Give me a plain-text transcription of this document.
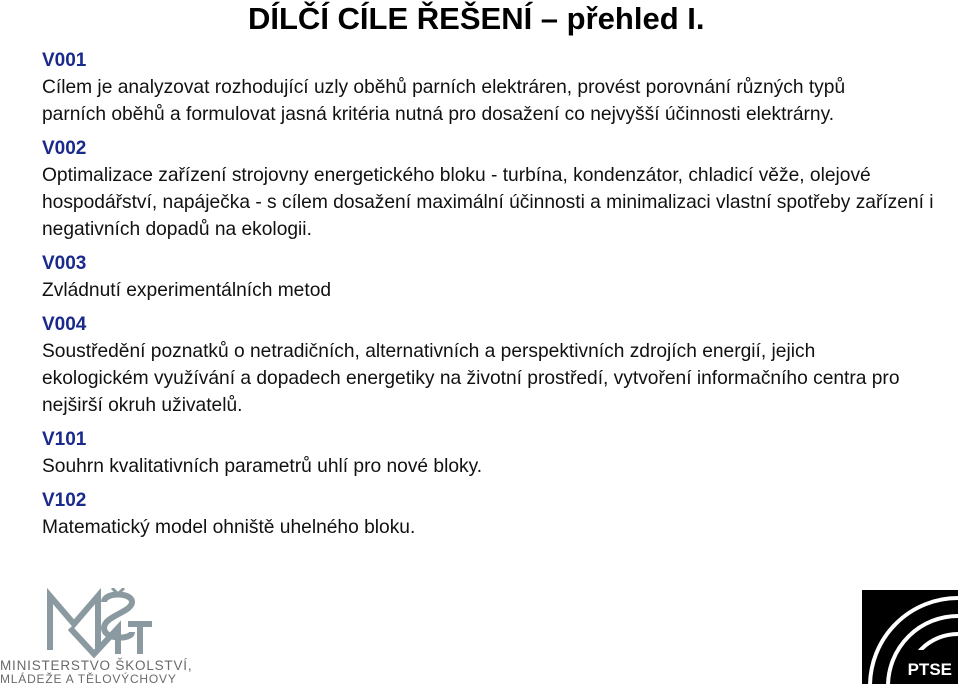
DÍLČÍ CÍLE ŘEŠENÍ – přehled I.
V001
Cílem je analyzovat rozhodující uzly oběhů parních elektráren, provést porovnání různých typů parních oběhů a formulovat jasná kritéria nutná pro dosažení co nejvyšší účinnosti elektrárny.
V002
Optimalizace zařízení strojovny energetického bloku - turbína, kondenzátor, chladicí věže, olejové hospodářství, napáječka - s cílem dosažení maximální účinnosti a minimalizaci vlastní spotřeby zařízení i negativních dopadů na ekologii.
V003
Zvládnutí experimentálních metod
V004
Soustředění poznatků o netradičních, alternativních a perspektivních zdrojích energií, jejich ekologickém využívání a dopadech energetiky na životní prostředí, vytvoření informačního centra pro nejširší okruh uživatelů.
V101
Souhrn kvalitativních parametrů uhlí pro nové bloky.
V102
Matematický model ohniště uhelného bloku.
MINISTERSTVO ŠKOLSTVÍ,
MLÁDEŽE A TĚLOVÝCHOVY	PTSE
